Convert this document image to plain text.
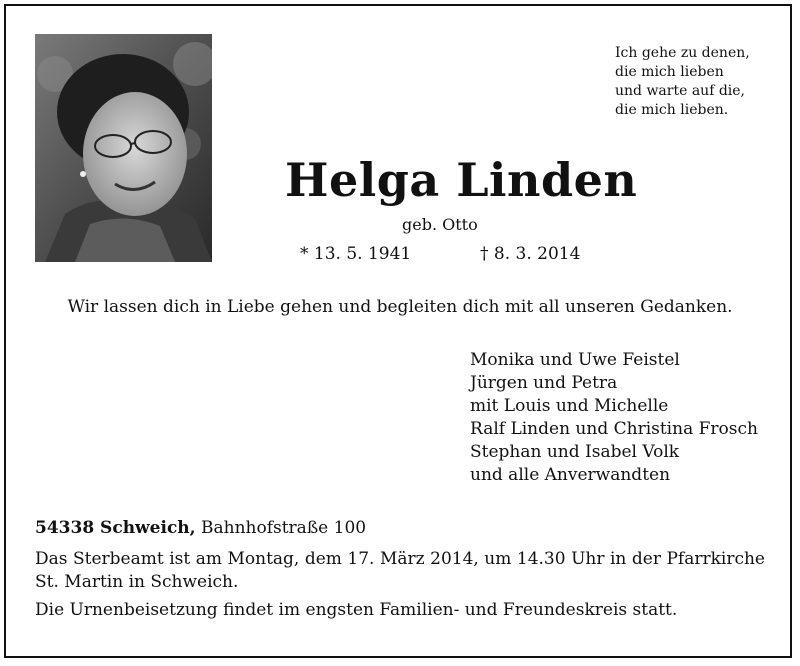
Ich gehe zu denen,
die mich lieben
und warte auf die,
die mich lieben.
Helga Linden
geb. Otto
* 13. 5. 1941	† 8. 3. 2014
Wir lassen dich in Liebe gehen und begleiten dich mit all unseren Gedanken.
Monika und Uwe Feistel
Jürgen und Petra
mit Louis und Michelle
Ralf Linden und Christina Frosch
Stephan und Isabel Volk
und alle Anverwandten
54338 Schweich, Bahnhofstraße 100
Das Sterbeamt ist am Montag, dem 17. März 2014, um 14.30 Uhr in der Pfarrkirche St. Martin in Schweich.
Die Urnenbeisetzung findet im engsten Familien- und Freundeskreis statt.
